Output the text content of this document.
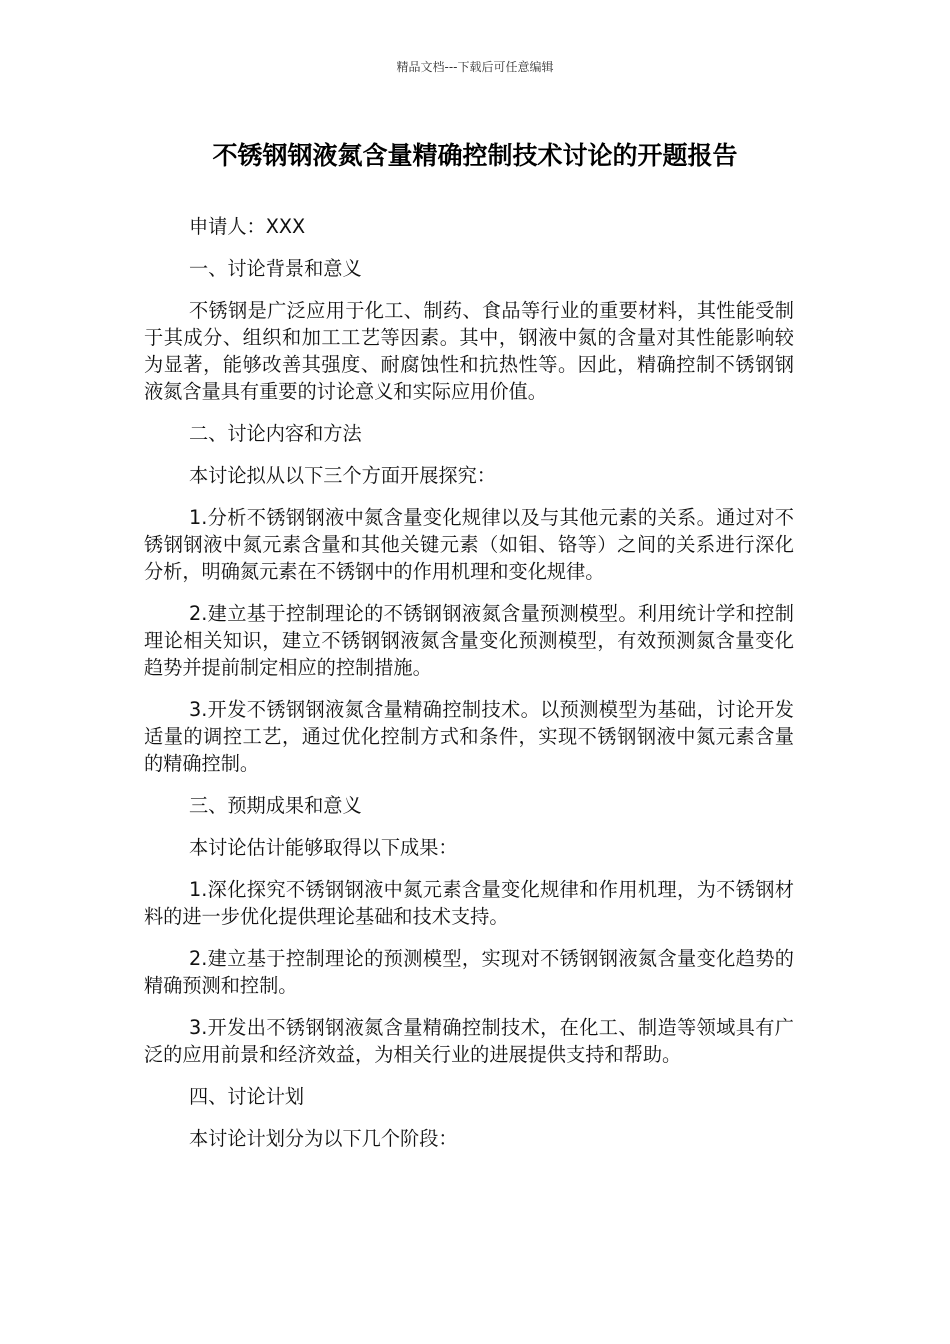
精品文档---下载后可任意编辑
不锈钢钢液氮含量精确控制技术讨论的开题报告

申请人：XXX

一、讨论背景和意义

不锈钢是广泛应用于化工、制药、食品等行业的重要材料，其性能受制于其成分、组织和加工工艺等因素。其中，钢液中氮的含量对其性能影响较为显著，能够改善其强度、耐腐蚀性和抗热性等。因此，精确控制不锈钢钢液氮含量具有重要的讨论意义和实际应用价值。

二、讨论内容和方法

本讨论拟从以下三个方面开展探究：

1.分析不锈钢钢液中氮含量变化规律以及与其他元素的关系。通过对不锈钢钢液中氮元素含量和其他关键元素（如钼、铬等）之间的关系进行深化分析，明确氮元素在不锈钢中的作用机理和变化规律。

2.建立基于控制理论的不锈钢钢液氮含量预测模型。利用统计学和控制理论相关知识，建立不锈钢钢液氮含量变化预测模型，有效预测氮含量变化趋势并提前制定相应的控制措施。

3.开发不锈钢钢液氮含量精确控制技术。以预测模型为基础，讨论开发适量的调控工艺，通过优化控制方式和条件，实现不锈钢钢液中氮元素含量的精确控制。

三、预期成果和意义

本讨论估计能够取得以下成果：

1.深化探究不锈钢钢液中氮元素含量变化规律和作用机理，为不锈钢材料的进一步优化提供理论基础和技术支持。

2.建立基于控制理论的预测模型，实现对不锈钢钢液氮含量变化趋势的精确预测和控制。

3.开发出不锈钢钢液氮含量精确控制技术，在化工、制造等领域具有广泛的应用前景和经济效益，为相关行业的进展提供支持和帮助。

四、讨论计划

本讨论计划分为以下几个阶段：
